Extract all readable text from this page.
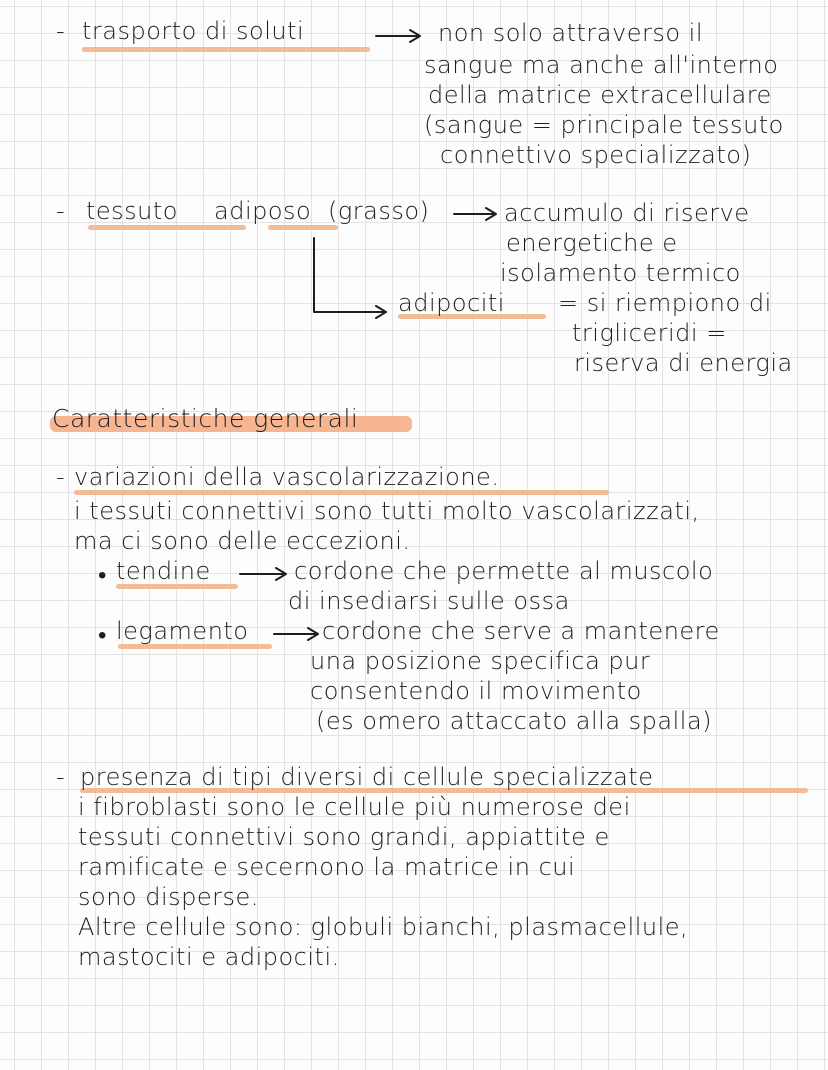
- trasporto di soluti	non solo attraverso il

sangue ma anche all'interno

della matrice extracellulare

(sangue = principale tessuto

connettivo specializzato)

- tessuto adiposo (grasso)	accumulo di riserve

energetiche e

isolamento termico

adipociti = si riempiono di

trigliceridi =

riserva di energia

Caratteristiche generali

- variazioni della vascolarizzazione.

i tessuti connettivi sono tutti molto vascolarizzati,

ma ci sono delle eccezioni.

• tendine	cordone che permette al muscolo

di insediarsi sulle ossa

• legamento	cordone che serve a mantenere

una posizione specifica pur

consentendo il movimento

(es omero attaccato alla spalla)

- presenza di tipi diversi di cellule specializzate

i fibroblasti sono le cellule più numerose dei

tessuti connettivi sono grandi, appiattite e

ramificate e secernono la matrice in cui

sono disperse.

Altre cellule sono: globuli bianchi, plasmacellule,

mastociti e adipociti.
